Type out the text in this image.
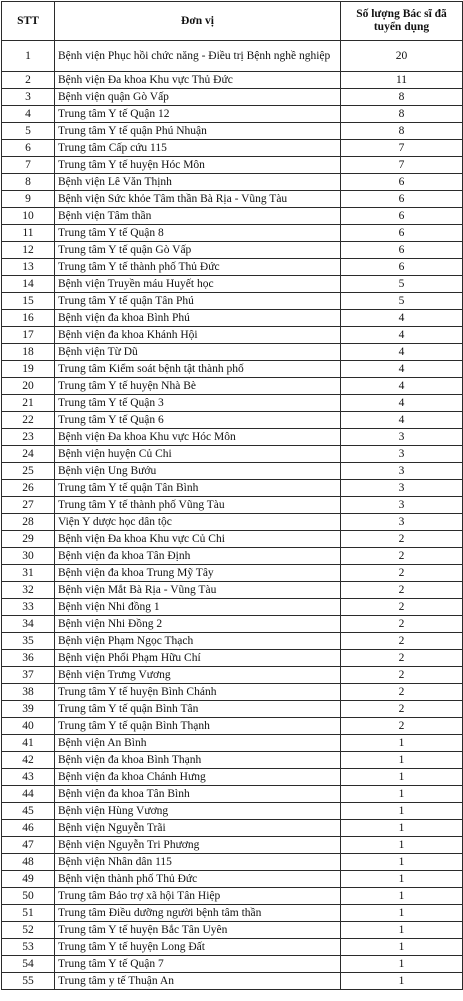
STT	Đơn vị	Số lượng Bác sĩ đã tuyển dụng
1	Bệnh viện Phục hồi chức năng - Điều trị Bệnh nghề nghiệp	20
2	Bệnh viện Đa khoa Khu vực Thủ Đức	11
3	Bệnh viện quận Gò Vấp	8
4	Trung tâm Y tế Quận 12	8
5	Trung tâm Y tế quận Phú Nhuận	8
6	Trung tâm Cấp cứu 115	7
7	Trung tâm Y tế huyện Hóc Môn	7
8	Bệnh viện Lê Văn Thịnh	6
9	Bệnh viện Sức khỏe Tâm thần Bà Rịa - Vũng Tàu	6
10	Bệnh viện Tâm thần	6
11	Trung tâm Y tế Quận 8	6
12	Trung tâm Y tế quận Gò Vấp	6
13	Trung tâm Y tế thành phố Thủ Đức	6
14	Bệnh viện Truyền máu Huyết học	5
15	Trung tâm Y tế quận Tân Phú	5
16	Bệnh viện đa khoa Bình Phú	4
17	Bệnh viện đa khoa Khánh Hội	4
18	Bệnh viện Từ Dũ	4
19	Trung tâm Kiểm soát bệnh tật thành phố	4
20	Trung tâm Y tế huyện Nhà Bè	4
21	Trung tâm Y tế Quận 3	4
22	Trung tâm Y tế Quận 6	4
23	Bệnh viện Đa khoa Khu vực Hóc Môn	3
24	Bệnh viện huyện Củ Chi	3
25	Bệnh viện Ung Bướu	3
26	Trung tâm Y tế quận Tân Bình	3
27	Trung tâm Y tế thành phố Vũng Tàu	3
28	Viện Y dược học dân tộc	3
29	Bệnh viện Đa khoa Khu vực Củ Chi	2
30	Bệnh viện đa khoa Tân Định	2
31	Bệnh viện đa khoa Trung Mỹ Tây	2
32	Bệnh viện Mắt Bà Rịa - Vũng Tàu	2
33	Bệnh viện Nhi đồng 1	2
34	Bệnh viện Nhi Đồng 2	2
35	Bệnh viện Phạm Ngọc Thạch	2
36	Bệnh viện Phổi Phạm Hữu Chí	2
37	Bệnh viện Trưng Vương	2
38	Trung tâm Y tế huyện Bình Chánh	2
39	Trung tâm Y tế quận Bình Tân	2
40	Trung tâm Y tế quận Bình Thạnh	2
41	Bệnh viện An Bình	1
42	Bệnh viện đa khoa Bình Thạnh	1
43	Bệnh viện đa khoa Chánh Hưng	1
44	Bệnh viện đa khoa Tân Bình	1
45	Bệnh viện Hùng Vương	1
46	Bệnh viện Nguyễn Trãi	1
47	Bệnh viện Nguyễn Tri Phương	1
48	Bệnh viện Nhân dân 115	1
49	Bệnh viện thành phố Thủ Đức	1
50	Trung tâm Bảo trợ xã hội Tân Hiệp	1
51	Trung tâm Điều dưỡng người bệnh tâm thần	1
52	Trung tâm Y tế huyện Bắc Tân Uyên	1
53	Trung tâm Y tế huyện Long Đất	1
54	Trung tâm Y tế Quận 7	1
55	Trung tâm y tế Thuận An	1
